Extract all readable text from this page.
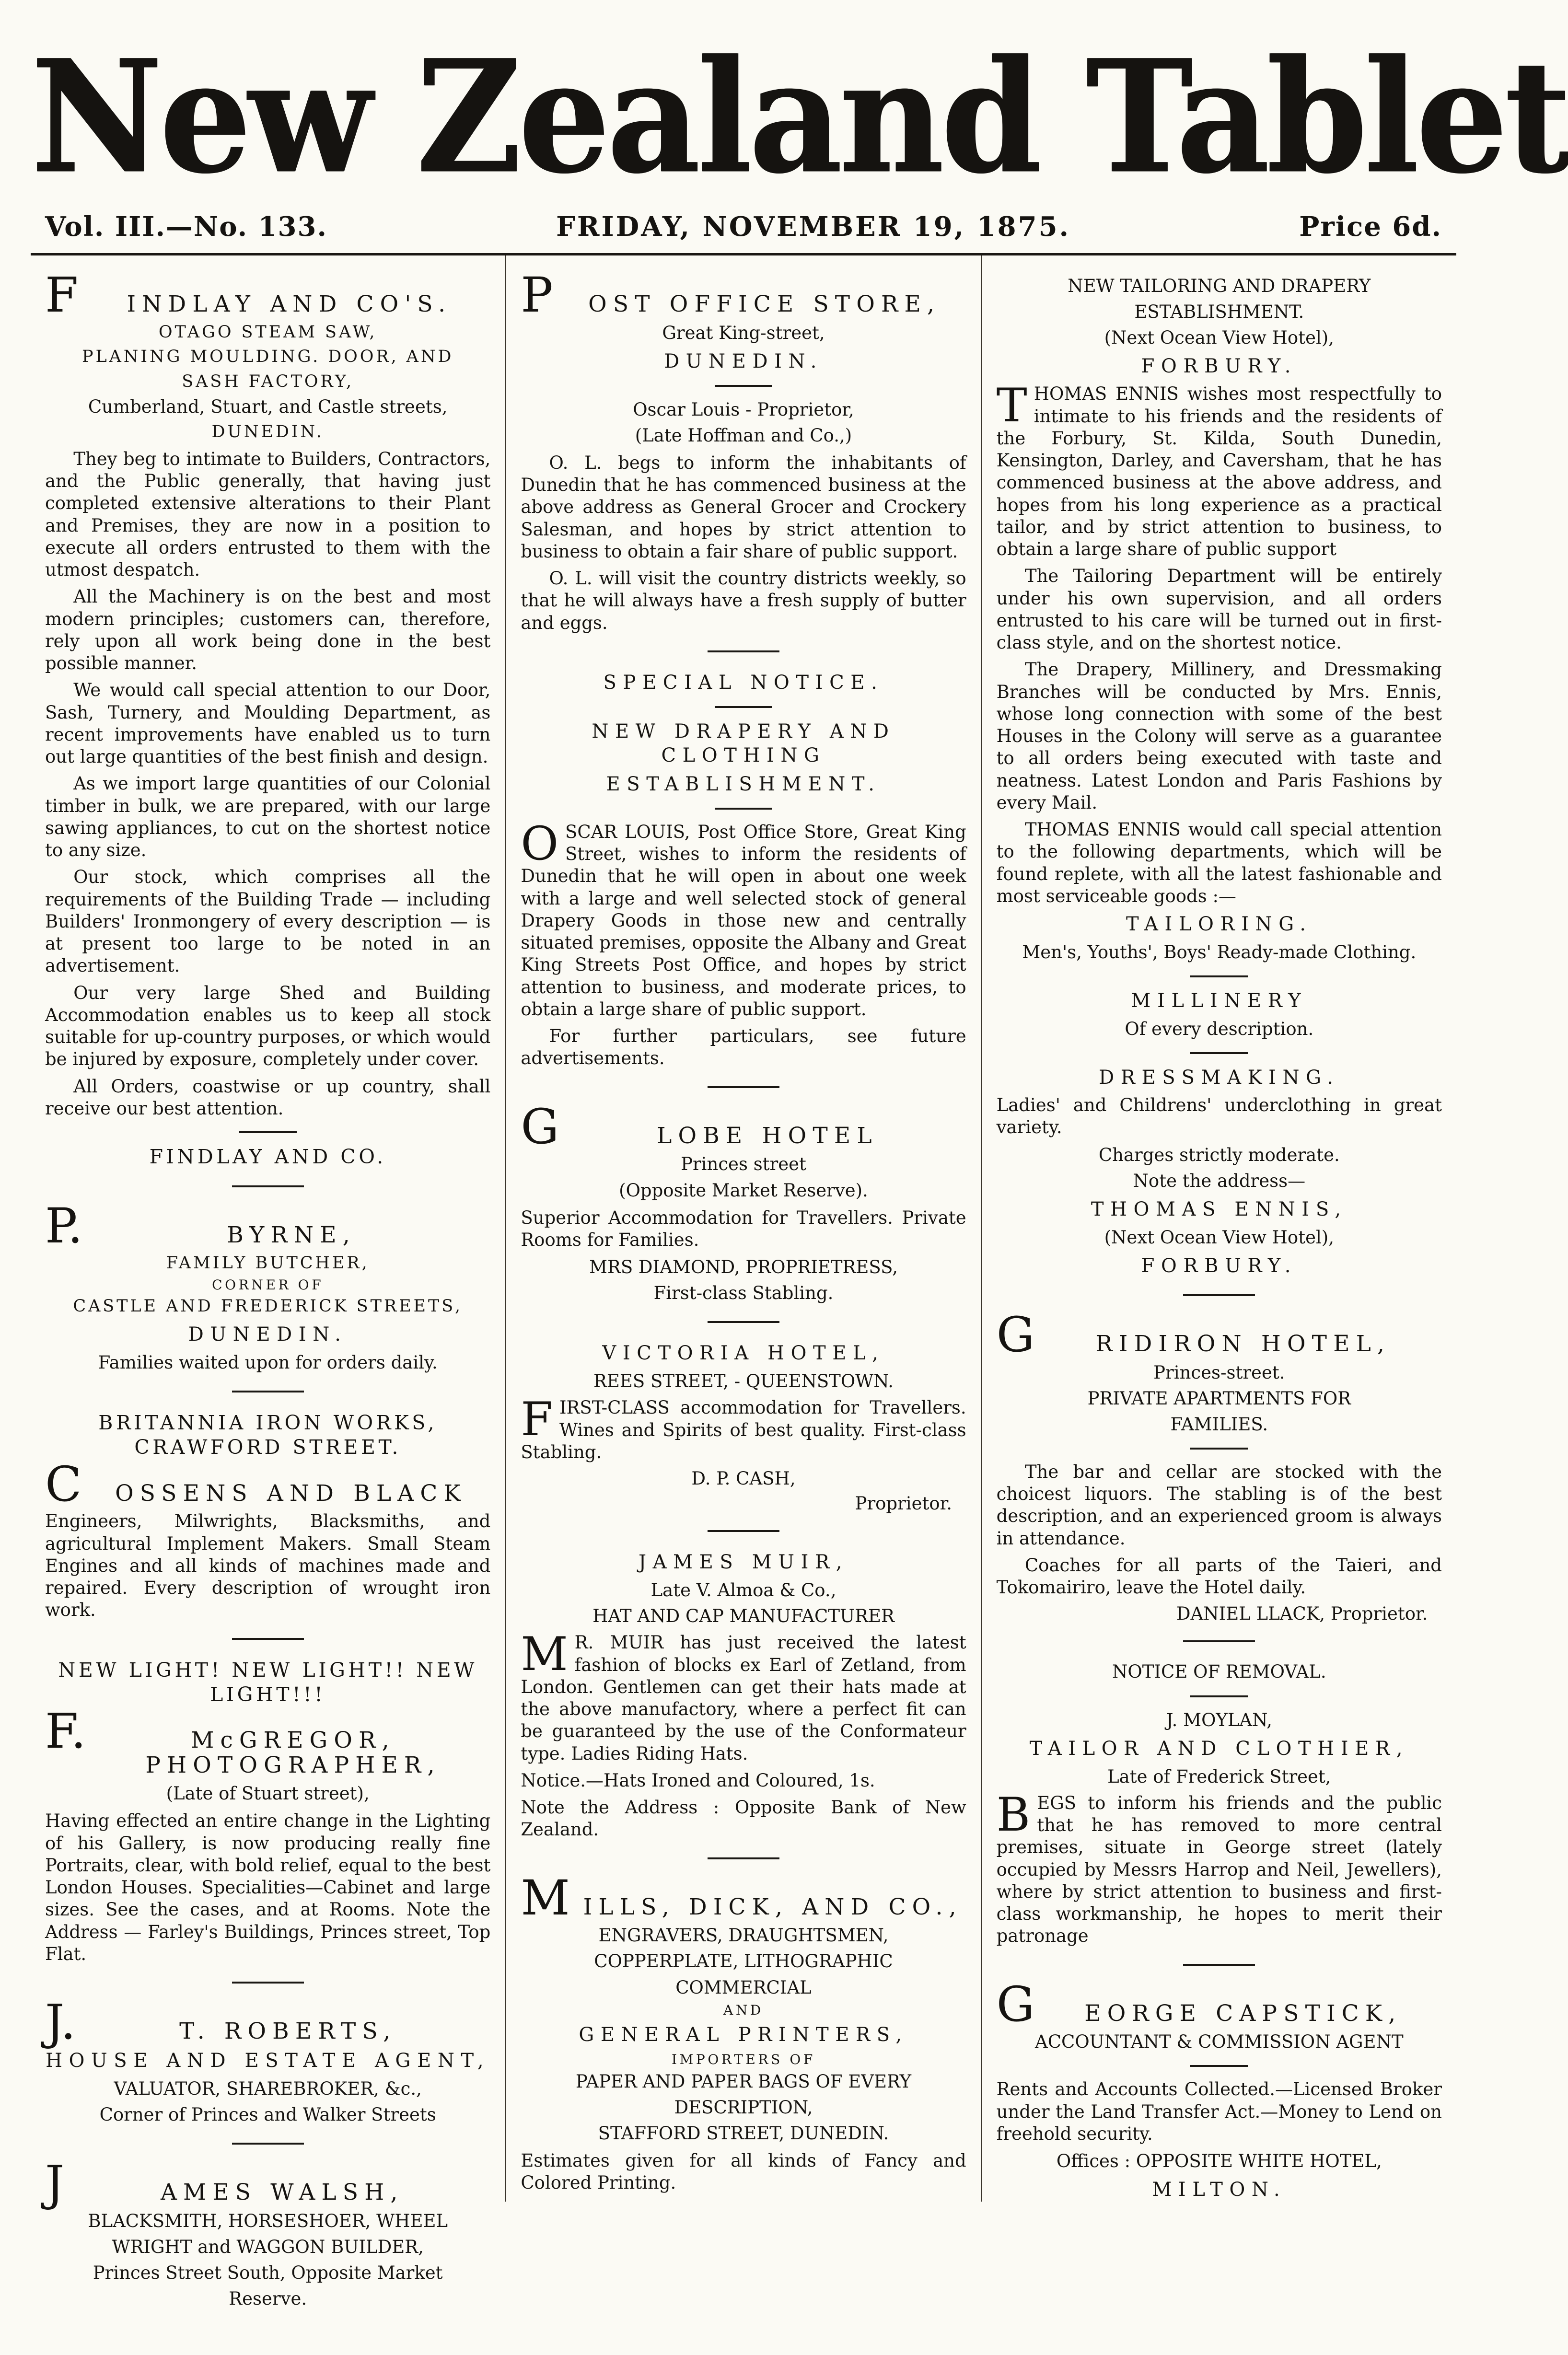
New Zealand Tablet
Vol. III.—No. 133.	FRIDAY, NOVEMBER 19, 1875.	Price 6d.
F	INDLAY AND CO'S.
OTAGO STEAM SAW,
PLANING MOULDING. DOOR, AND
SASH FACTORY,
Cumberland, Stuart, and Castle streets,
DUNEDIN.

They beg to intimate to Builders, Contractors, and the Public generally, that having just completed extensive alterations to their Plant and Premises, they are now in a position to execute all orders entrusted to them with the utmost despatch.

All the Machinery is on the best and most modern principles; customers can, therefore, rely upon all work being done in the best possible manner.

We would call special attention to our Door, Sash, Turnery, and Moulding Department, as recent improvements have enabled us to turn out large quantities of the best finish and design.

As we import large quantities of our Colonial timber in bulk, we are prepared, with our large sawing appliances, to cut on the shortest notice to any size.

Our stock, which comprises all the requirements of the Building Trade — including Builders' Ironmongery of every description — is at present too large to be noted in an advertisement.

Our very large Shed and Building Accommodation enables us to keep all stock suitable for up-country purposes, or which would be injured by exposure, completely under cover.

All Orders, coastwise or up country, shall receive our best attention.

FINDLAY AND CO.
P.	BYRNE,
FAMILY BUTCHER,
CORNER OF
CASTLE AND FREDERICK STREETS,
DUNEDIN.
Families waited upon for orders daily.
BRITANNIA IRON WORKS, CRAWFORD STREET.
C	OSSENS AND BLACK

Engineers, Milwrights, Blacksmiths, and agricultural Implement Makers. Small Steam Engines and all kinds of machines made and repaired. Every description of wrought iron work.

NEW LIGHT! NEW LIGHT!! NEW LIGHT!!!
F.	McGREGOR, PHOTOGRAPHER,
(Late of Stuart street),

Having effected an entire change in the Lighting of his Gallery, is now producing really fine Portraits, clear, with bold relief, equal to the best London Houses. Specialities—Cabinet and large sizes. See the cases, and at Rooms. Note the Address — Farley's Buildings, Princes street, Top Flat.

J.	T. ROBERTS,
HOUSE AND ESTATE AGENT,
VALUATOR, SHAREBROKER, &c.,
Corner of Princes and Walker Streets
J	AMES WALSH,
BLACKSMITH, HORSESHOER, WHEEL
WRIGHT and WAGGON BUILDER,
Princes Street South, Opposite Market
Reserve.
P	OST OFFICE STORE,
Great King-street,
DUNEDIN.
Oscar Louis - Proprietor,
(Late Hoffman and Co.,)

O. L. begs to inform the inhabitants of Dunedin that he has commenced business at the above address as General Grocer and Crockery Salesman, and hopes by strict attention to business to obtain a fair share of public support.

O. L. will visit the country districts weekly, so that he will always have a fresh supply of butter and eggs.

SPECIAL NOTICE.
NEW DRAPERY AND CLOTHING
ESTABLISHMENT.

OSCAR LOUIS, Post Office Store, Great King Street, wishes to inform the residents of Dunedin that he will open in about one week with a large and well selected stock of general Drapery Goods in those new and centrally situated premises, opposite the Albany and Great King Streets Post Office, and hopes by strict attention to business, and moderate prices, to obtain a large share of public support.

For further particulars, see future advertisements.

G	LOBE HOTEL
Princes street
(Opposite Market Reserve).

Superior Accommodation for Travellers. Private Rooms for Families.

MRS DIAMOND, PROPRIETRESS,
First-class Stabling.
VICTORIA HOTEL,
REES STREET, - QUEENSTOWN.

FIRST-CLASS accommodation for Travellers. Wines and Spirits of best quality. First-class Stabling.

D. P. CASH,
Proprietor.
JAMES MUIR,
Late V. Almoa & Co.,
HAT AND CAP MANUFACTURER

M R. MUIR has just received the latest fashion of blocks ex Earl of Zetland, from London. Gentlemen can get their hats made at the above manufactory, where a perfect fit can be guaranteed by the use of the Conformateur type. Ladies Riding Hats.

Notice.—Hats Ironed and Coloured, 1s.

Note the Address : Opposite Bank of New Zealand.

M ILLS, DICK, AND CO.,
ENGRAVERS, DRAUGHTSMEN,
COPPERPLATE, LITHOGRAPHIC
COMMERCIAL
AND
GENERAL PRINTERS,
IMPORTERS OF
PAPER AND PAPER BAGS OF EVERY
DESCRIPTION,
STAFFORD STREET, DUNEDIN.

Estimates given for all kinds of Fancy and Colored Printing.

NEW TAILORING AND DRAPERY
ESTABLISHMENT.
(Next Ocean View Hotel),
FORBURY.

THOMAS ENNIS wishes most respectfully to intimate to his friends and the residents of the Forbury, St. Kilda, South Dunedin, Kensington, Darley, and Caversham, that he has commenced business at the above address, and hopes from his long experience as a practical tailor, and by strict attention to business, to obtain a large share of public support

The Tailoring Department will be entirely under his own supervision, and all orders entrusted to his care will be turned out in first-class style, and on the shortest notice.

The Drapery, Millinery, and Dressmaking Branches will be conducted by Mrs. Ennis, whose long connection with some of the best Houses in the Colony will serve as a guarantee to all orders being executed with taste and neatness. Latest London and Paris Fashions by every Mail.

THOMAS ENNIS would call special attention to the following departments, which will be found replete, with all the latest fashionable and most serviceable goods :—

TAILORING.
Men's, Youths', Boys' Ready-made Clothing.
MILLINERY
Of every description.
DRESSMAKING.

Ladies' and Childrens' underclothing in great variety.

Charges strictly moderate.
Note the address—
THOMAS ENNIS,
(Next Ocean View Hotel),
FORBURY.
G	RIDIRON HOTEL,
Princes-street.
PRIVATE APARTMENTS FOR
FAMILIES.

The bar and cellar are stocked with the choicest liquors. The stabling is of the best description, and an experienced groom is always in attendance.

Coaches for all parts of the Taieri, and Tokomairiro, leave the Hotel daily.

DANIEL LLACK, Proprietor.
NOTICE OF REMOVAL.
J. MOYLAN,
TAILOR AND CLOTHIER,
Late of Frederick Street,

BEGS to inform his friends and the public that he has removed to more central premises, situate in George street (lately occupied by Messrs Harrop and Neil, Jewellers), where by strict attention to business and first-class workmanship, he hopes to merit their patronage

G	EORGE CAPSTICK,
ACCOUNTANT & COMMISSION AGENT

Rents and Accounts Collected.—Licensed Broker under the Land Transfer Act.—Money to Lend on freehold security.

Offices : OPPOSITE WHITE HOTEL,
MILTON.
